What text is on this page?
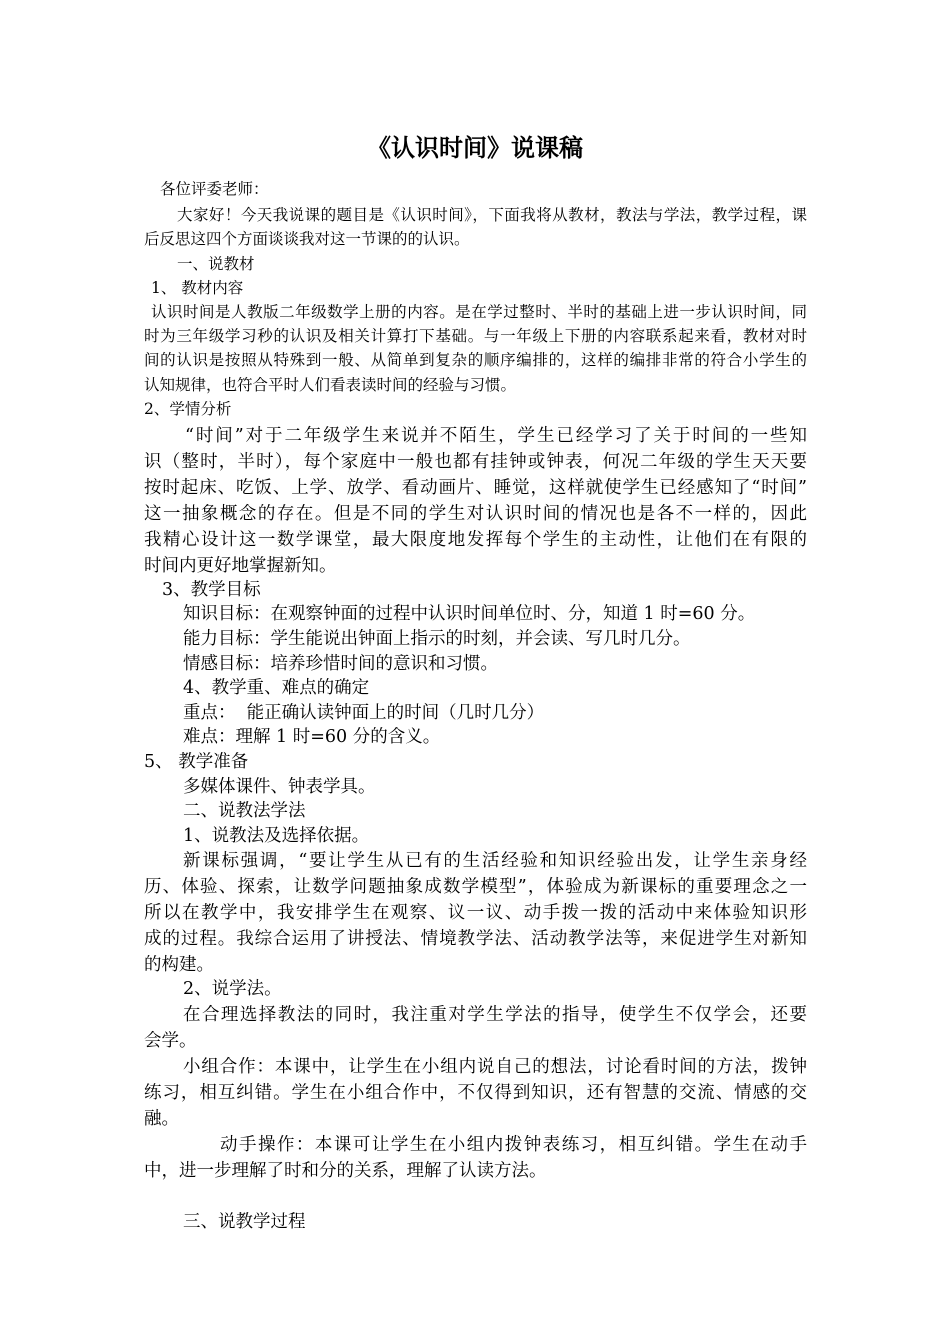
《认识时间》说课稿

各位评委老师：

大家好！今天我说课的题目是《认识时间》，下面我将从教材，教法与学法，教学过程，课

后反思这四个方面谈谈我对这一节课的的认识。

一、说教材

1、 教材内容

认识时间是人教版二年级数学上册的内容。是在学过整时、半时的基础上进一步认识时间，同

时为三年级学习秒的认识及相关计算打下基础。与一年级上下册的内容联系起来看，教材对时

间的认识是按照从特殊到一般、从简单到复杂的顺序编排的，这样的编排非常的符合小学生的

认知规律，也符合平时人们看表读时间的经验与习惯。

2、学情分析

“时间”对于二年级学生来说并不陌生，学生已经学习了关于时间的一些知

识（整时，半时），每个家庭中一般也都有挂钟或钟表，何况二年级的学生天天要

按时起床、吃饭、上学、放学、看动画片、睡觉，这样就使学生已经感知了“时间”

这一抽象概念的存在。但是不同的学生对认识时间的情况也是各不一样的，因此

我精心设计这一数学课堂，最大限度地发挥每个学生的主动性，让他们在有限的

时间内更好地掌握新知。

3、教学目标

知识目标：在观察钟面的过程中认识时间单位时、分，知道 1 时=60 分。

能力目标：学生能说出钟面上指示的时刻，并会读、写几时几分。

情感目标：培养珍惜时间的意识和习惯。

4、教学重、难点的确定

重点：  能正确认读钟面上的时间（几时几分）

难点：理解 1 时=60 分的含义。

5、 教学准备

多媒体课件、钟表学具。

二、说教法学法

1、说教法及选择依据。

新课标强调，“要让学生从已有的生活经验和知识经验出发，让学生亲身经

历、体验、探索，让数学问题抽象成数学模型”，体验成为新课标的重要理念之一

所以在教学中，我安排学生在观察、议一议、动手拨一拨的活动中来体验知识形

成的过程。我综合运用了讲授法、情境教学法、活动教学法等，来促进学生对新知

的构建。

2、说学法。

在合理选择教法的同时，我注重对学生学法的指导，使学生不仅学会，还要

会学。

小组合作：本课中，让学生在小组内说自己的想法，讨论看时间的方法，拨钟

练习，相互纠错。学生在小组合作中，不仅得到知识，还有智慧的交流、情感的交

融。

动手操作：本课可让学生在小组内拨钟表练习，相互纠错。学生在动手

中，进一步理解了时和分的关系，理解了认读方法。

三、说教学过程
